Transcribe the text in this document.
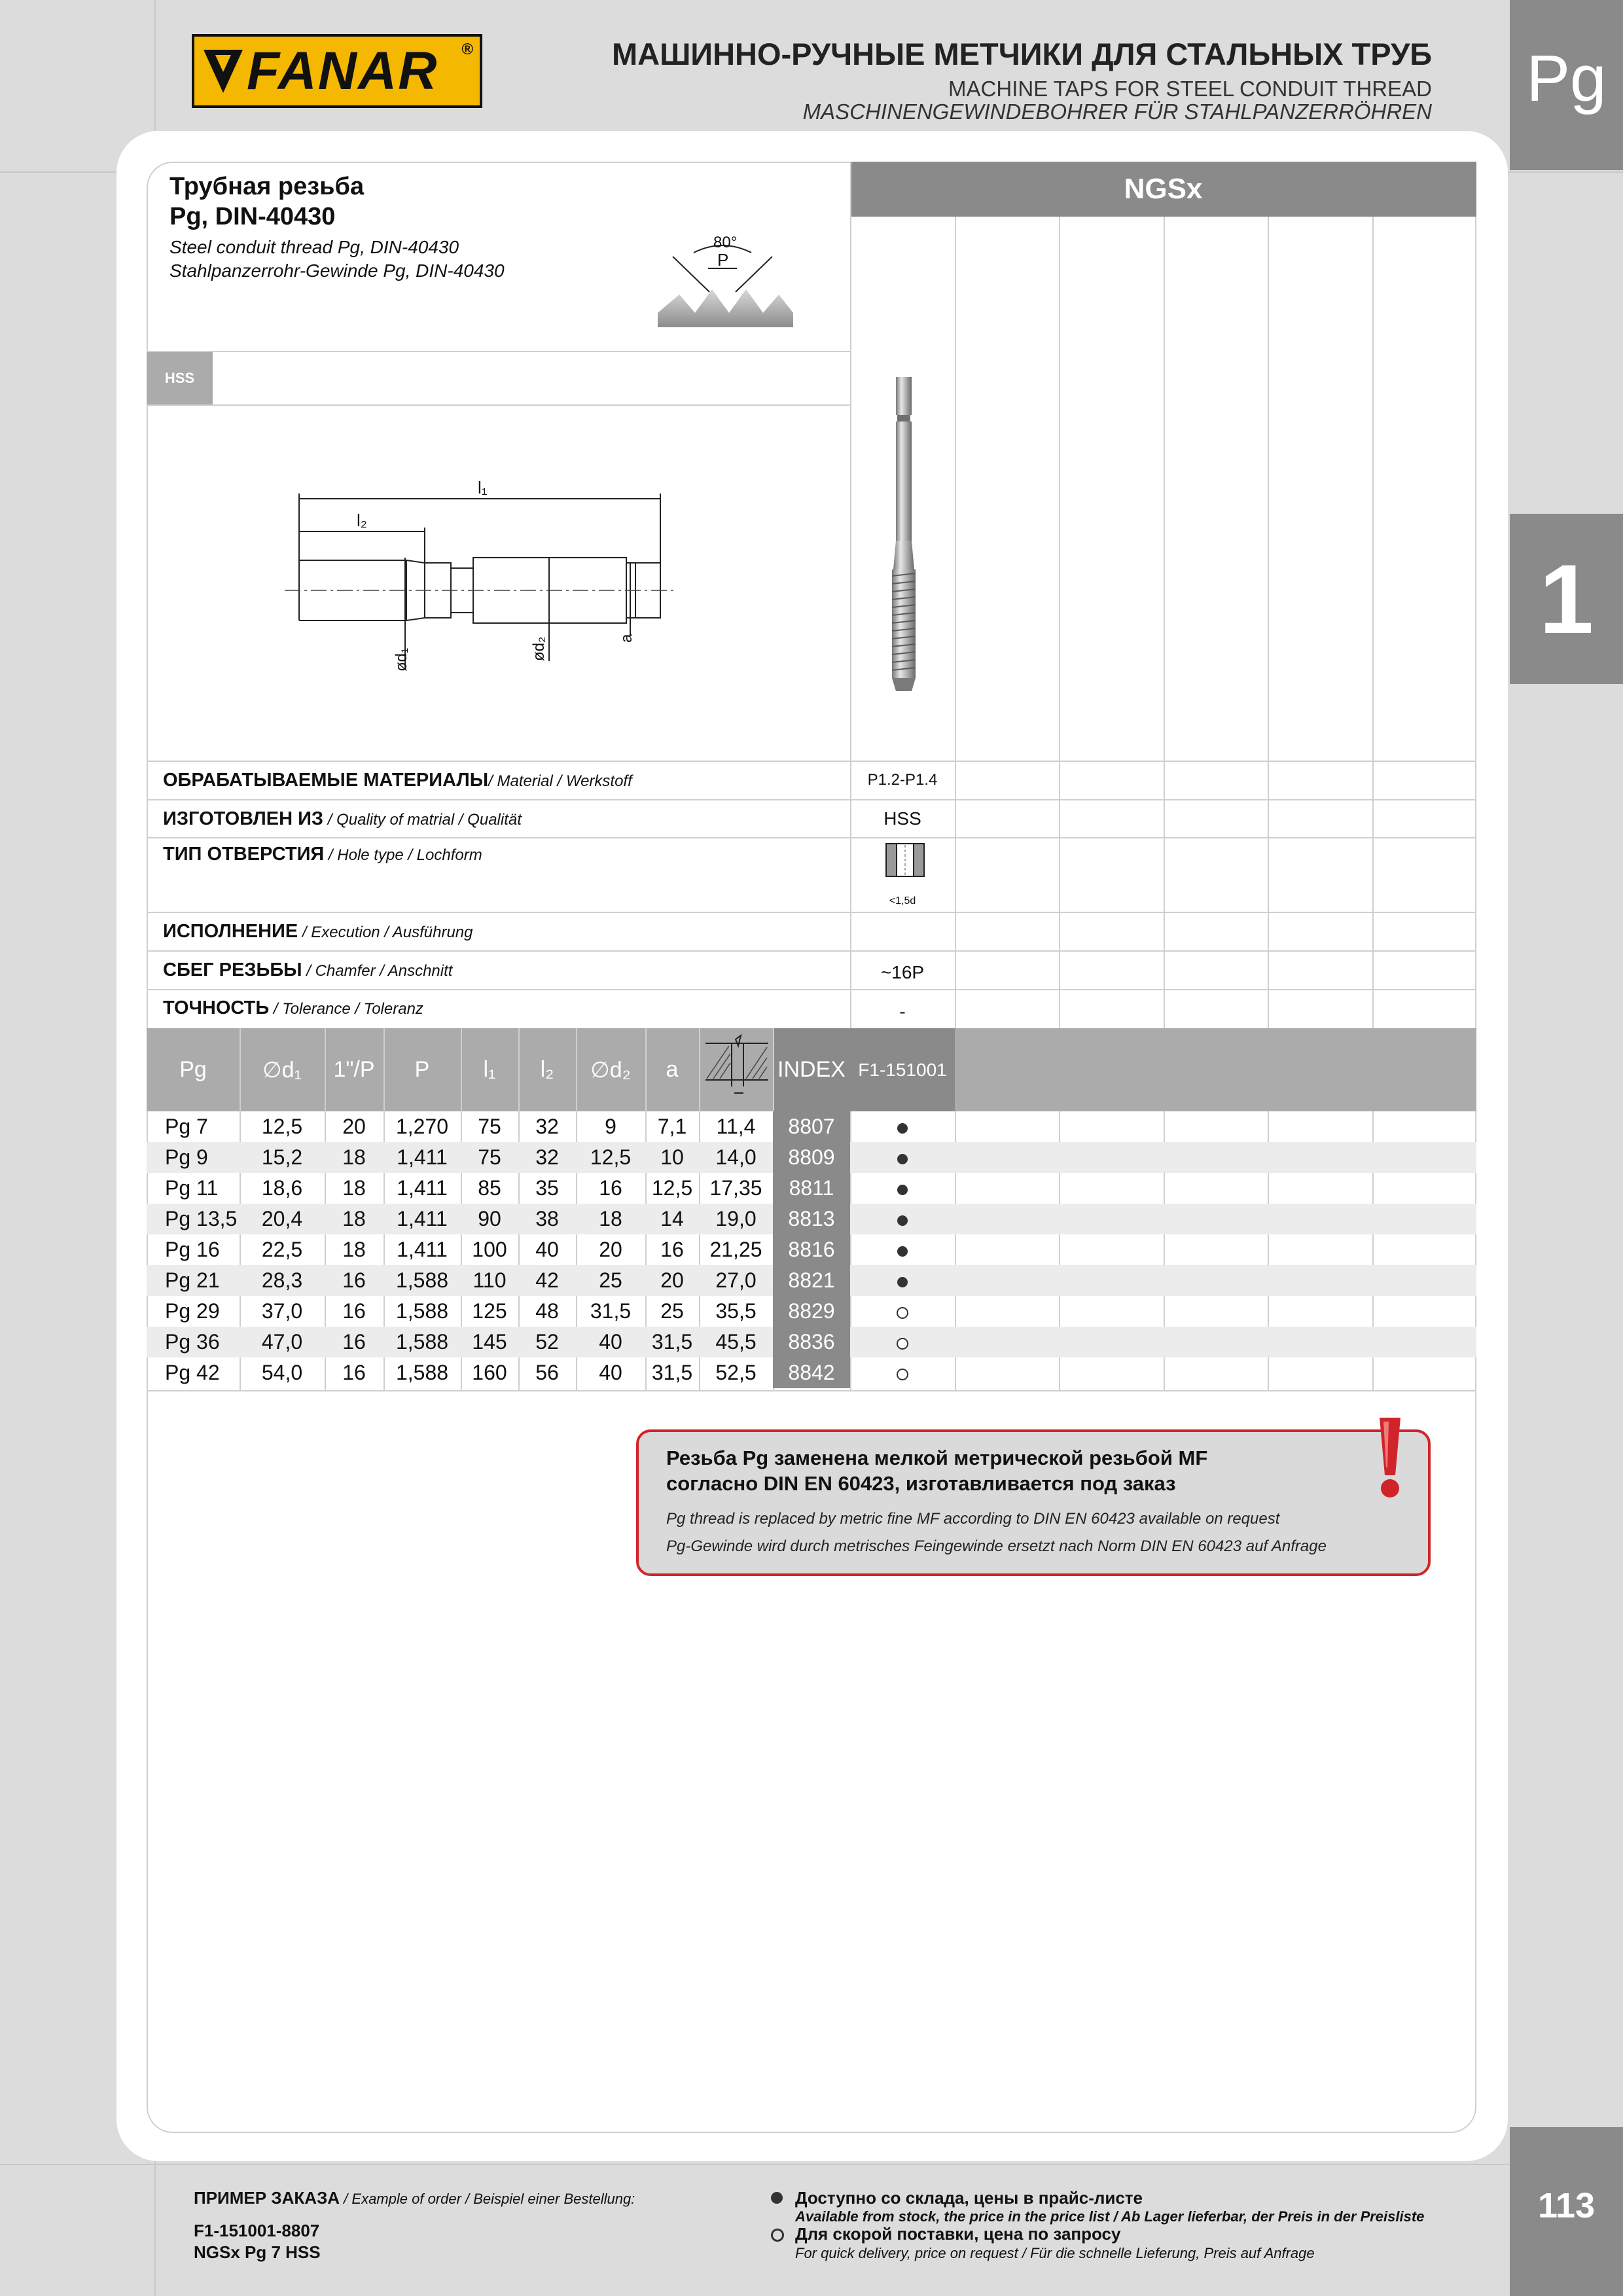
FANAR ®	МАШИННО-РУЧНЫЕ МЕТЧИКИ ДЛЯ СТАЛЬНЫХ ТРУБ
MACHINE TAPS FOR STEEL CONDUIT THREAD
MASCHINENGEWINDEBOHRER FÜR STAHLPANZERRÖHREN Pg
1
113
Трубная резьба
Pg, DIN-40430
Steel conduit thread Pg, DIN-40430
Stahlpanzerrohr-Gewinde Pg, DIN-40430
80°
P
HSS
NGSx
l₁
l₂
ød₁	ød₂	a
ОБРАБАТЫВАЕМЫЕ МАТЕРИАЛЫ/ Material / Werkstoff	P1.2-P1.4
ИЗГОТОВЛЕН ИЗ / Quality of matrial / Qualität	HSS
ТИП ОТВЕРСТИЯ / Hole type / Lochform
<1,5d
ИСПОЛНЕНИЕ / Execution / Ausführung
СБЕГ РЕЗЬБЫ / Chamfer / Anschnitt	~16P
ТОЧНОСТЬ / Tolerance / Toleranz	-
Pg	∅d₁	1"/P	P	l₁	l₂	∅d₂	a	INDEX F1-151001
Pg 7	12,5	20	1,270	75	32	9	7,1	11,4	8807
Pg 9	15,2	18	1,411	75	32	12,5	10	14,0	8809
Pg 11	18,6	18	1,411	85	35	16	12,5 17,35	8811
Pg 13,5	20,4	18	1,411	90	38	18	14	19,0	8813
Pg 16	22,5	18	1,411	100	40	20	16	21,25	8816
Pg 21	28,3	16	1,588	110	42	25	20	27,0	8821
Pg 29	37,0	16	1,588	125	48	31,5	25	35,5	8829
Pg 36	47,0	16	1,588	145	52	40	31,5	45,5	8836
Pg 42	54,0	16	1,588	160	56	40	31,5	52,5	8842
Резьба Pg заменена мелкой метрической резьбой MF
согласно DIN EN 60423, изготавливается под заказ
Pg thread is replaced by metric fine MF according to DIN EN 60423 available on request
Pg-Gewinde wird durch metrisches Feingewinde ersetzt nach Norm DIN EN 60423 auf Anfrage
ПРИМЕР ЗАКАЗА / Example of order / Beispiel einer Bestellung:
F1-151001-8807
NGSx Pg 7 HSS
Доступно со склада, цены в прайс-листе
Available from stock, the price in the price list / Ab Lager lieferbar, der Preis in der Preisliste
Для скорой поставки, цена по запросу
For quick delivery, price on request / Für die schnelle Lieferung, Preis auf Anfrage
